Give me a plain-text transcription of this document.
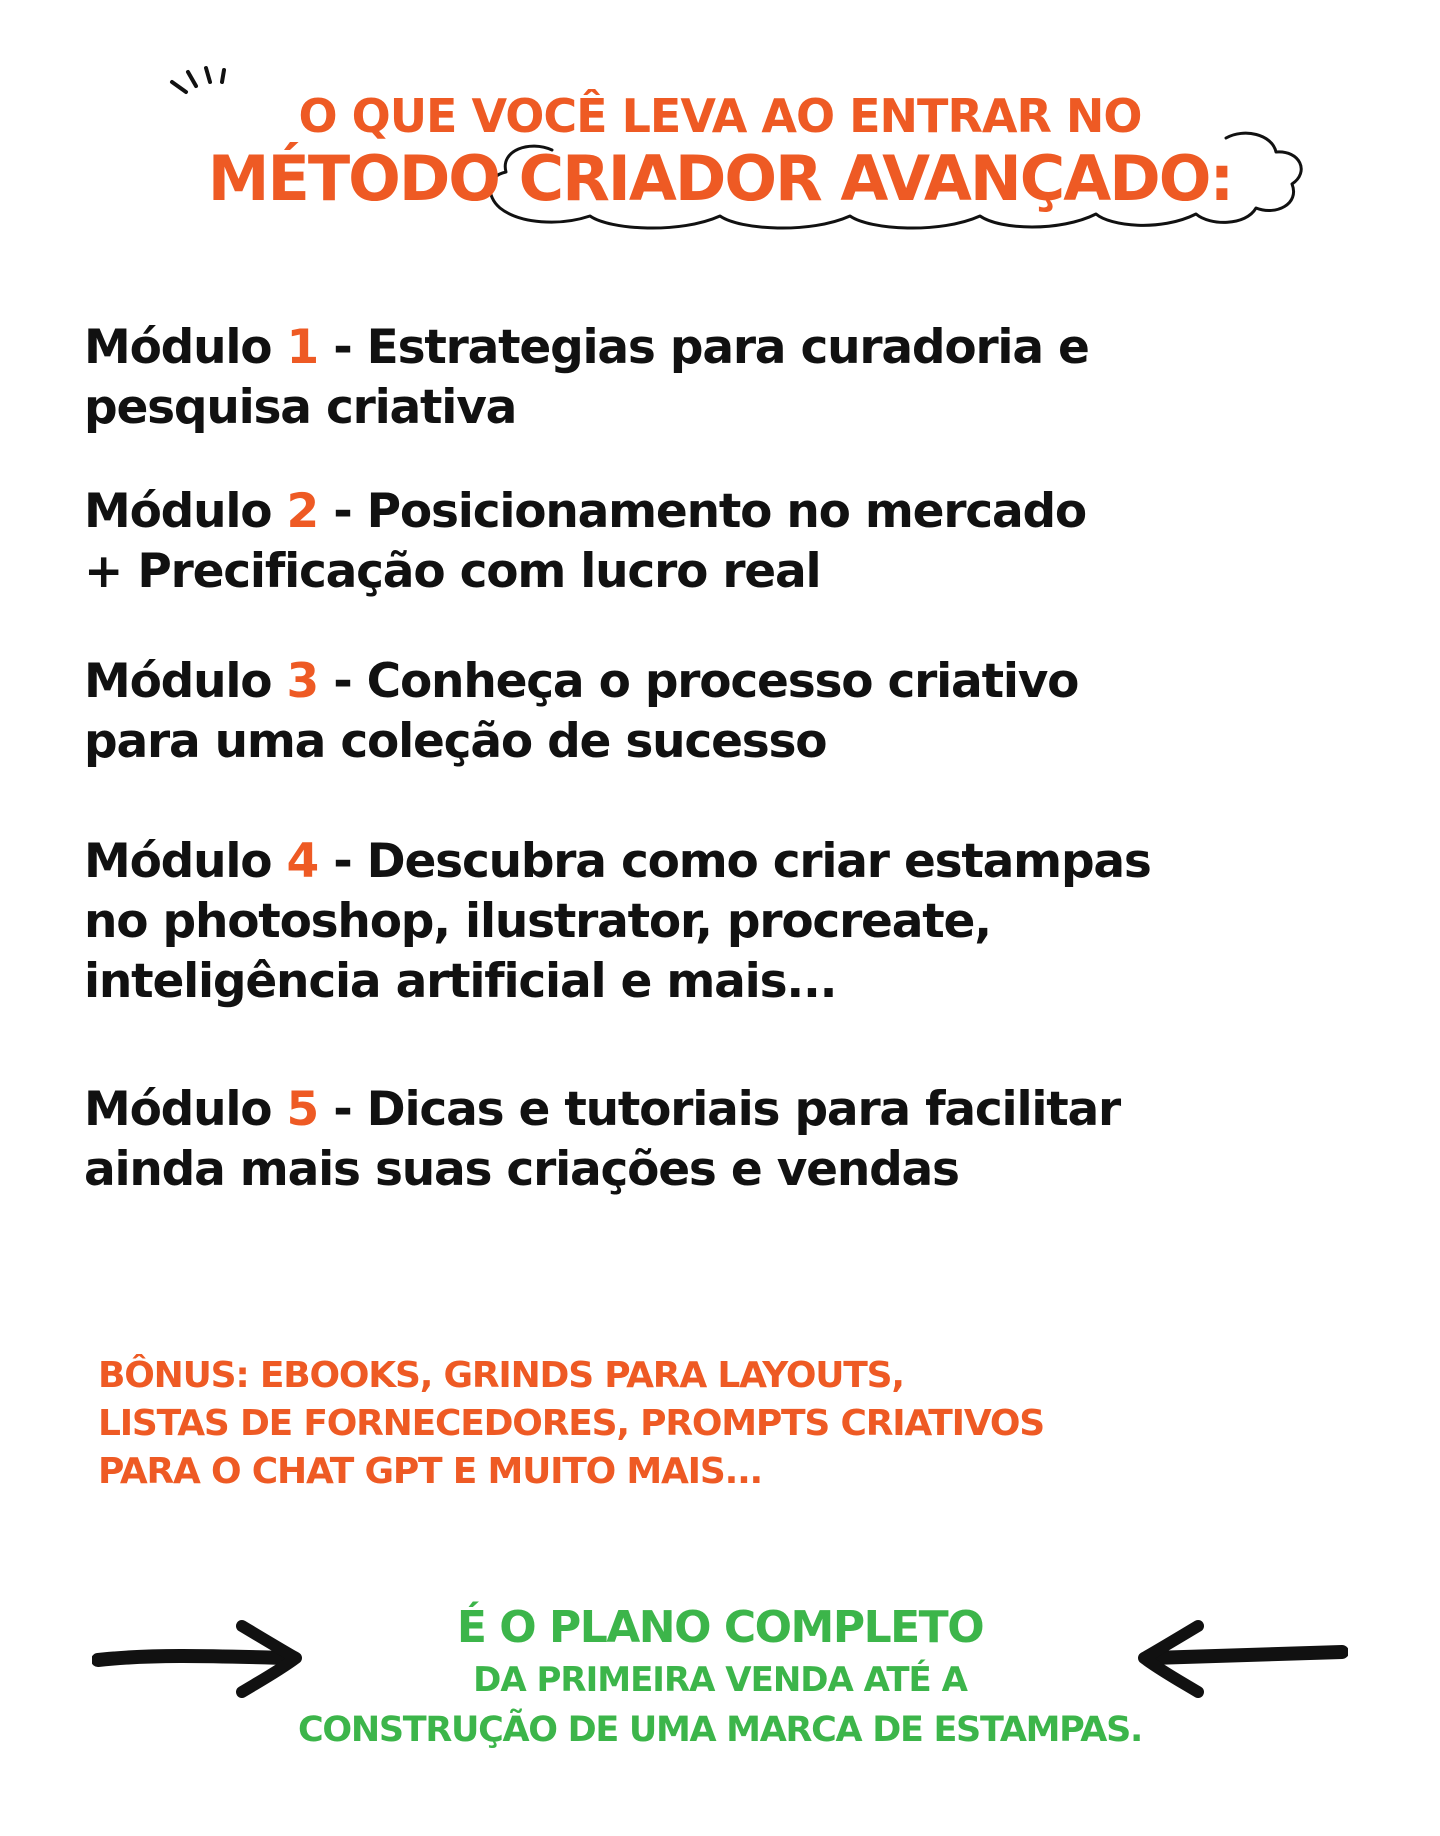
O QUE VOCÊ LEVA AO ENTRAR NO
MÉTODO CRIADOR AVANÇADO:
Módulo 1 - Estrategias para curadoria e
pesquisa criativa
Módulo 2 - Posicionamento no mercado
+ Precificação com lucro real
Módulo 3 - Conheça o processo criativo
para uma coleção de sucesso
Módulo 4 - Descubra como criar estampas
no photoshop, ilustrator, procreate,
inteligência artificial e mais...
Módulo 5 - Dicas e tutoriais para facilitar
ainda mais suas criações e vendas
BÔNUS: EBOOKS, GRINDS PARA LAYOUTS,
LISTAS DE FORNECEDORES, PROMPTS CRIATIVOS
PARA O CHAT GPT E MUITO MAIS...
É O PLANO COMPLETO
DA PRIMEIRA VENDA ATÉ A
CONSTRUÇÃO DE UMA MARCA DE ESTAMPAS.
